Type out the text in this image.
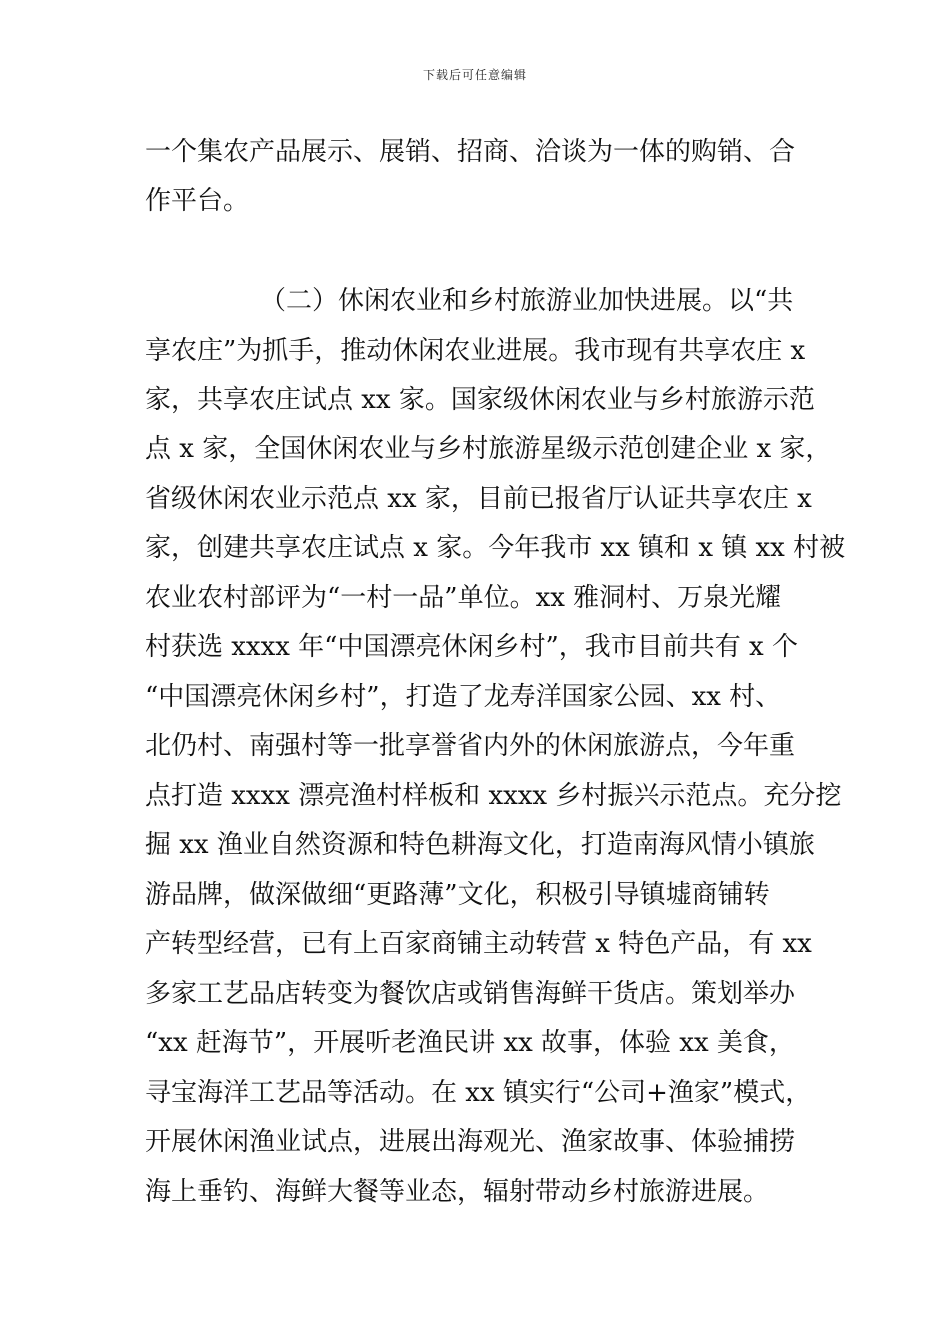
下载后可任意编辑
一个集农产品展示、展销、招商、洽谈为一体的购销、合
作平台。
（二）休闲农业和乡村旅游业加快进展。以“共
享农庄”为抓手，推动休闲农业进展。我市现有共享农庄 x
家，共享农庄试点 xx 家。国家级休闲农业与乡村旅游示范
点 x 家，全国休闲农业与乡村旅游星级示范创建企业 x 家，
省级休闲农业示范点 xx 家，目前已报省厅认证共享农庄 x
家，创建共享农庄试点 x 家。今年我市 xx 镇和 x 镇 xx 村被
农业农村部评为“一村一品”单位。xx 雅洞村、万泉光耀
村获选 xxxx 年“中国漂亮休闲乡村”，我市目前共有 x 个
“中国漂亮休闲乡村”，打造了龙寿洋国家公园、xx 村、
北仍村、南强村等一批享誉省内外的休闲旅游点，今年重
点打造 xxxx 漂亮渔村样板和 xxxx 乡村振兴示范点。充分挖
掘 xx 渔业自然资源和特色耕海文化，打造南海风情小镇旅
游品牌，做深做细“更路薄”文化，积极引导镇墟商铺转
产转型经营，已有上百家商铺主动转营 x 特色产品，有 xx
多家工艺品店转变为餐饮店或销售海鲜干货店。策划举办
“xx 赶海节”，开展听老渔民讲 xx 故事，体验 xx 美食，
寻宝海洋工艺品等活动。在 xx 镇实行“公司+渔家”模式，
开展休闲渔业试点，进展出海观光、渔家故事、体验捕捞
海上垂钓、海鲜大餐等业态，辐射带动乡村旅游进展。
